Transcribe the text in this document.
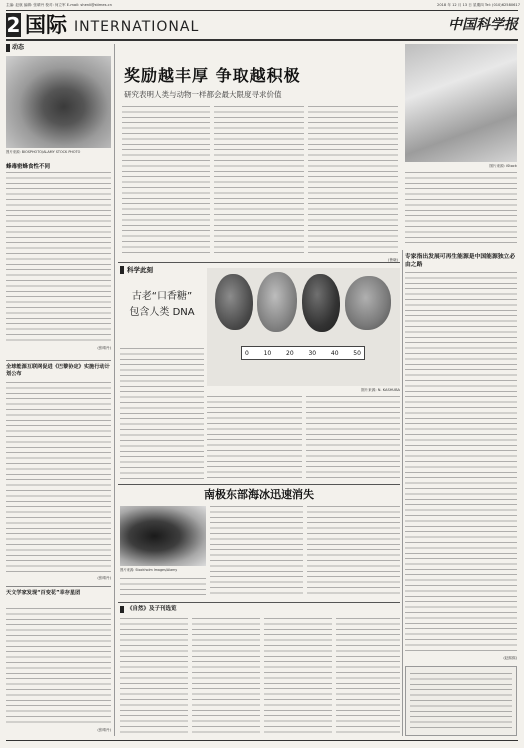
主编: 赵航 编辑: 张晴丹 校对: 何立军 E-mail: shenli@stimes.cn	2018 年 12 月 13 日 星期四 Tel: (010)62580617
2 国际 INTERNATIONAL	中国科学报
动态
图片来源: BIOSPHOTO/ALAMY STOCK PHOTO
蜂毒密蜂食性不同
(张晴丹)
全球能源互联网促进《巴黎协定》实施行动计划公布
(张晴丹)
天文学家发现“百变花”幸存星团
(张晴丹)
奖励越丰厚 争取越积极
研究表明人类与动物一样都会最大限度寻求价值
(鲁晓)
图片来源: iStock
专家指出发展可再生能源是中国能源独立必由之路
(赵熙熙)
科学此刻
古老“口香糖”
包含人类 DNA
0 10 20 30 40 50
图片来源: N. KASHUBA
南极东部海冰迅速消失
图片来源: Stockholm Images/Alamy
《自然》及子刊选览
